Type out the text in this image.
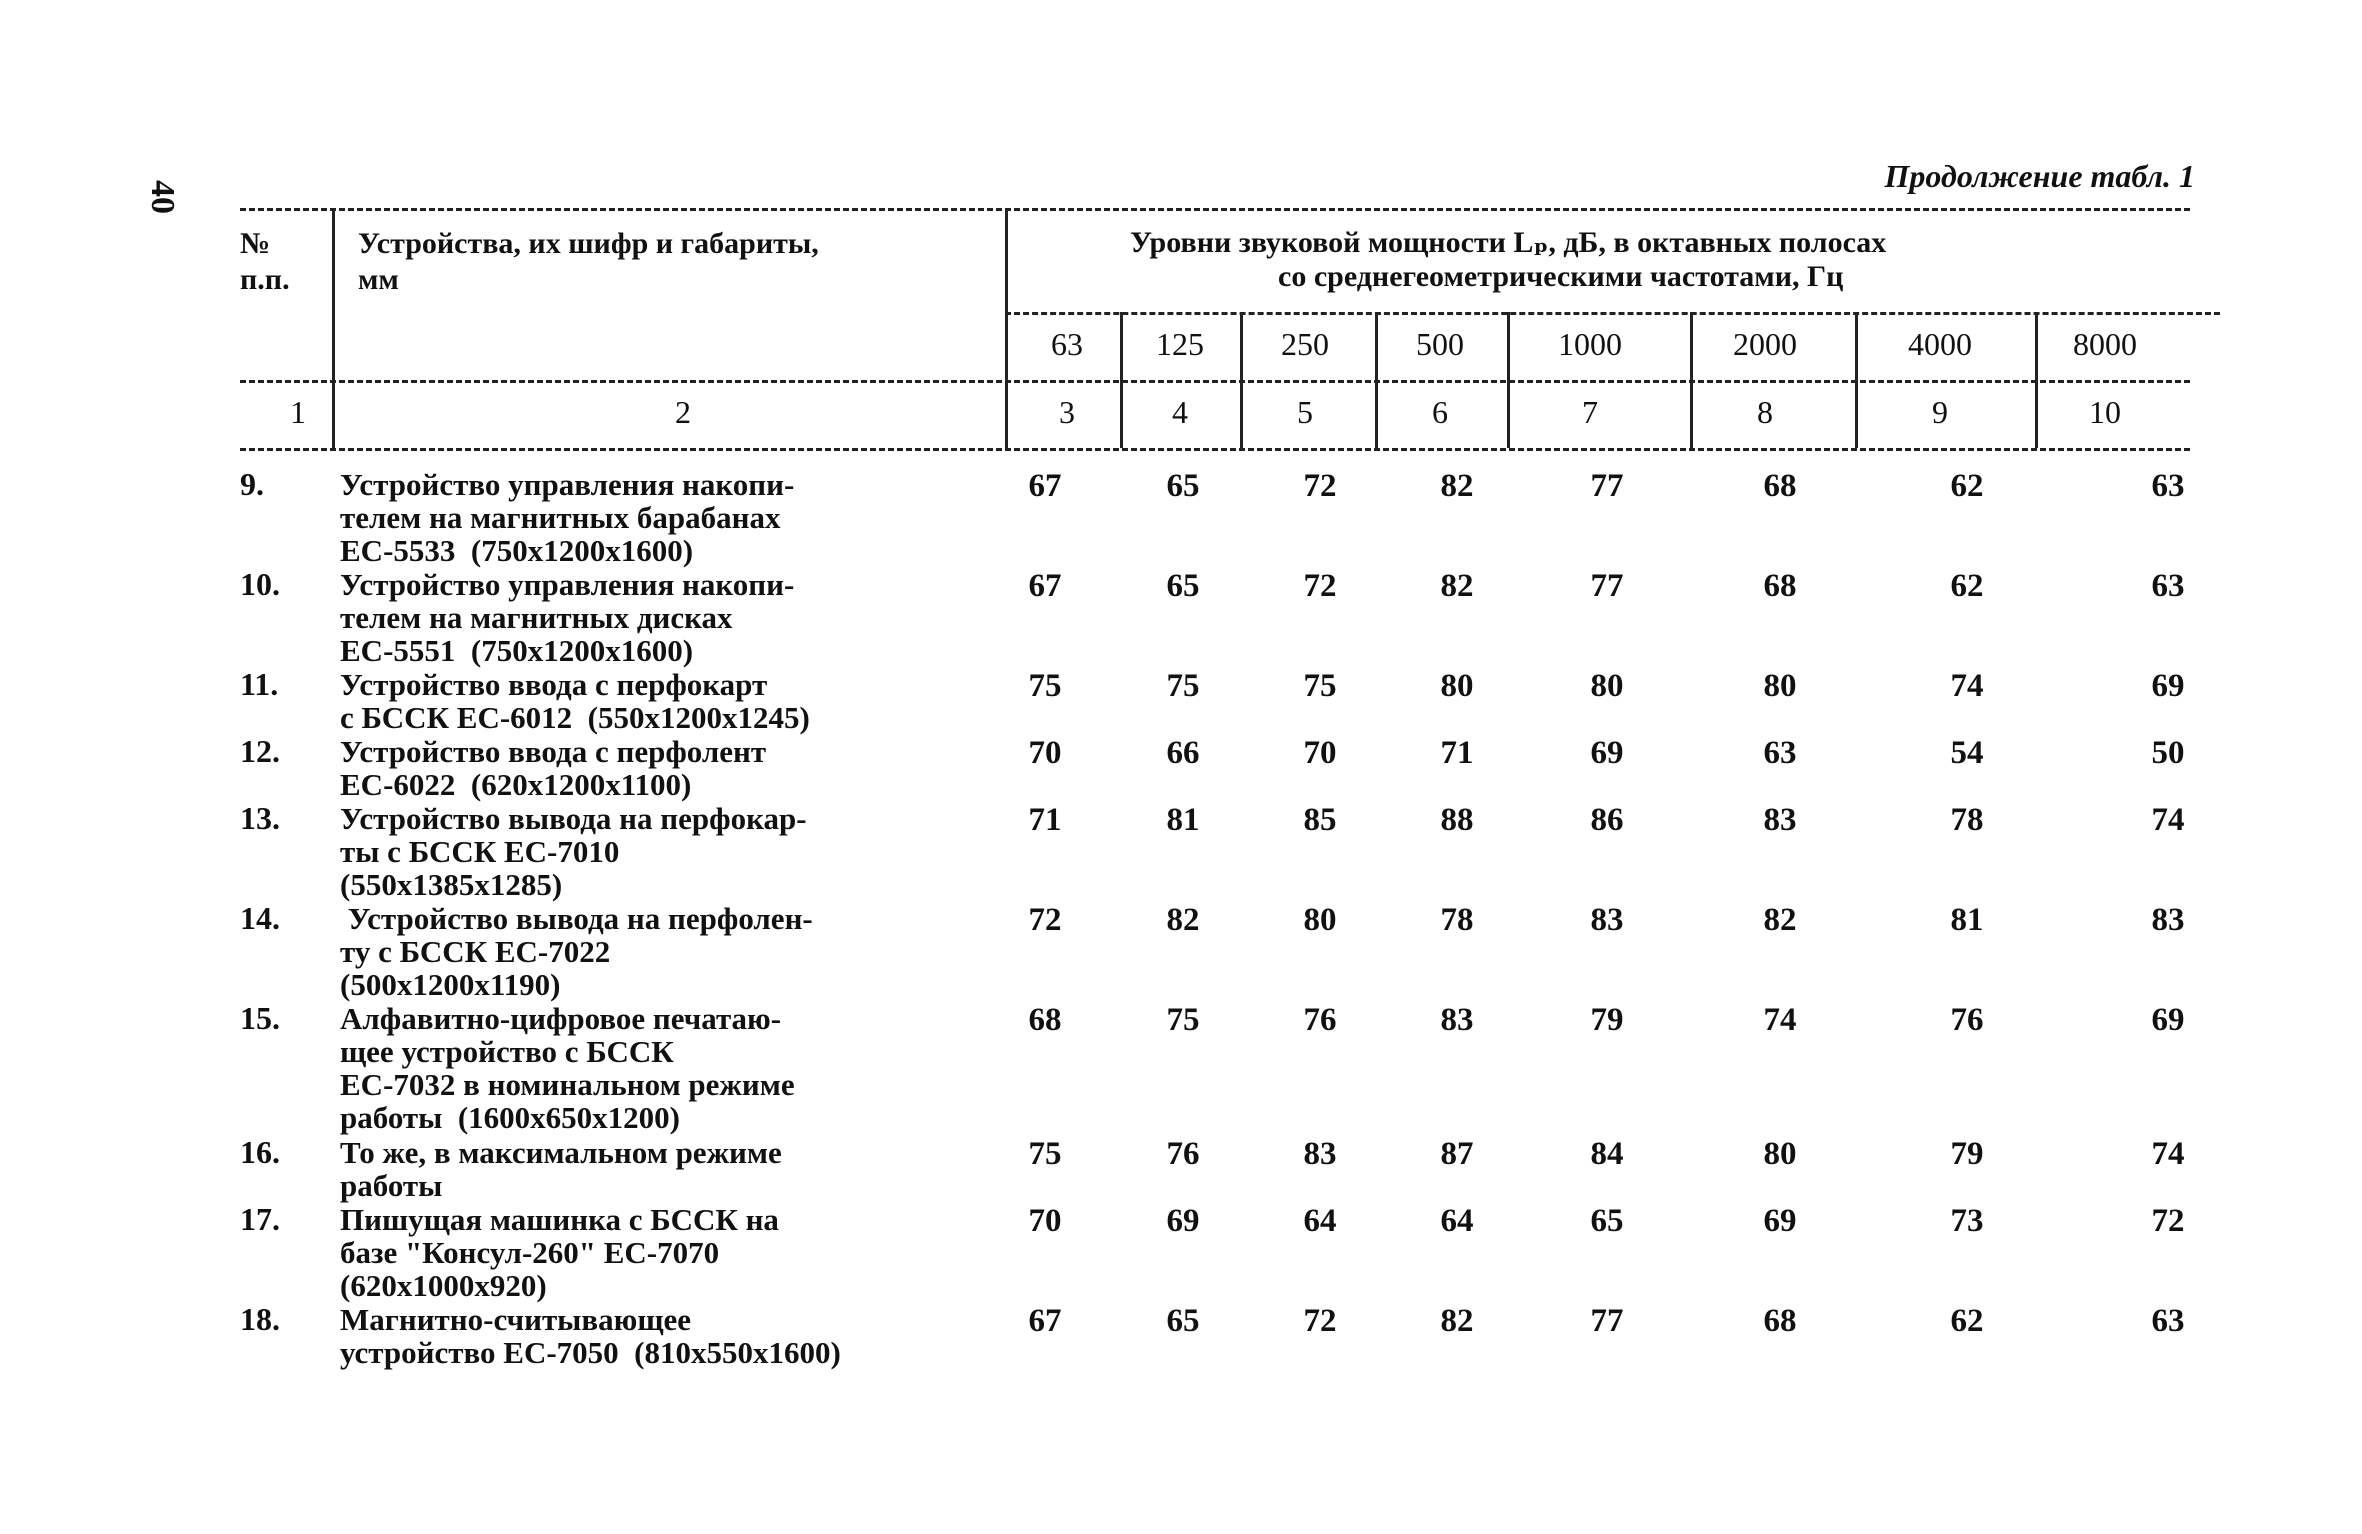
40
Продолжение табл. 1
№
п.п.
Устройства, их шифр и габариты,
мм
Уровни звуковой мощности Lₚ, дБ, в октавных полосах
со среднегеометрическими частотами, Гц
63 125 250	500	1000	2000	4000	8000
1	2	3	4	5	6	7	8	9	10
9. Устройство управления накопи-
телем на магнитных барабанах
ЕС-5533  (750x1200x1600)
67	65	72	82	77	68	62	63
10. Устройство управления накопи-
телем на магнитных дисках
ЕС-5551  (750x1200x1600)
67	65	72	82	77	68	62	63
11. Устройство ввода с перфокарт
с БССК ЕС-6012  (550x1200x1245)
75	75	75	80	80	80	74	69
12. Устройство ввода с перфолент
ЕС-6022  (620x1200x1100)
70	66	70	71	69	63	54	50
13. Устройство вывода на перфокар-
ты с БССК ЕС-7010
(550x1385x1285)
71	81	85	88	86	83	78	74
14. Устройство вывода на перфолен-
ту с БССК ЕС-7022
(500x1200x1190)
72	82	80	78	83	82	81	83
15. Алфавитно-цифровое печатаю-
щее устройство с БССК
ЕС-7032 в номинальном режиме
работы  (1600x650x1200)
68	75	76	83	79	74	76	69
16. То же, в максимальном режиме
работы
75	76	83	87	84	80	79	74
17. Пишущая машинка с БССК на
базе "Консул-260" ЕС-7070
(620x1000x920)
70	69	64	64	65	69	73	72
18. Магнитно-считывающее
устройство ЕС-7050  (810x550x1600)
67	65	72	82	77	68	62	63
